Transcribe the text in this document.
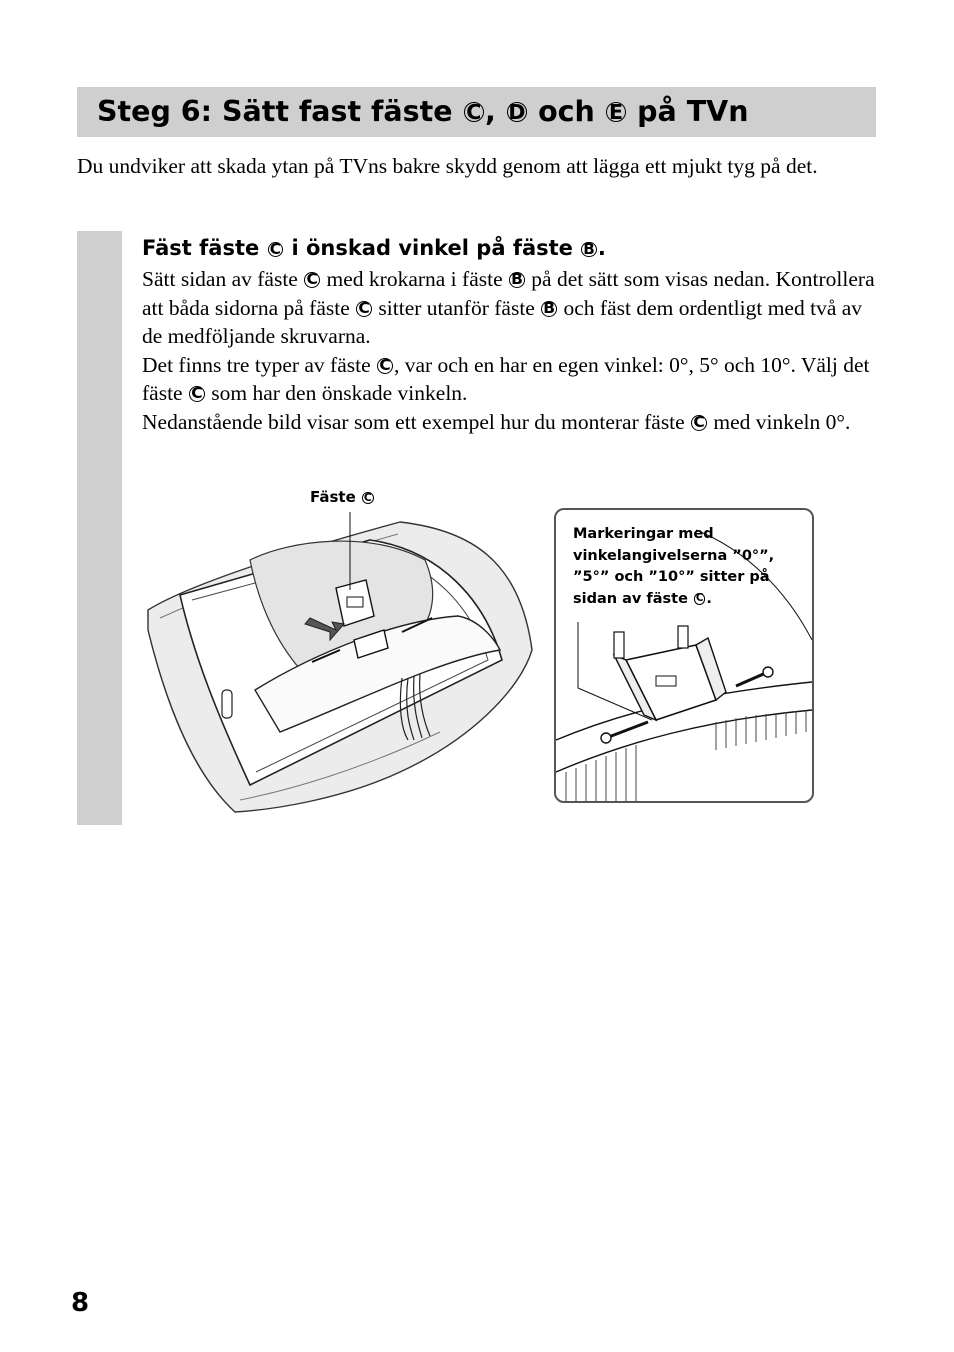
Steg 6: Sätt fast fäste C , D och E på TVn
Du undviker att skada ytan på TVns bakre skydd genom att lägga ett mjukt tyg på det.
Fäst fäste C i önskad vinkel på fäste B .

Sätt sidan av fäste C med krokarna i fäste B på det sätt som visas nedan. Kontrollera att båda sidorna på fäste C sitter utanför fäste B och fäst dem ordentligt med två av de medföljande skruvarna.

Det finns tre typer av fäste C , var och en har en egen vinkel: 0°, 5° och 10°. Välj det fäste C som har den önskade vinkeln.

Nedanstående bild visar som ett exempel hur du monterar fäste C med vinkeln 0°.

Fäste C
Markeringar med vinkelangivelserna ”0°”, ”5°” och ”10°” sitter på sidan av fäste C .
8
